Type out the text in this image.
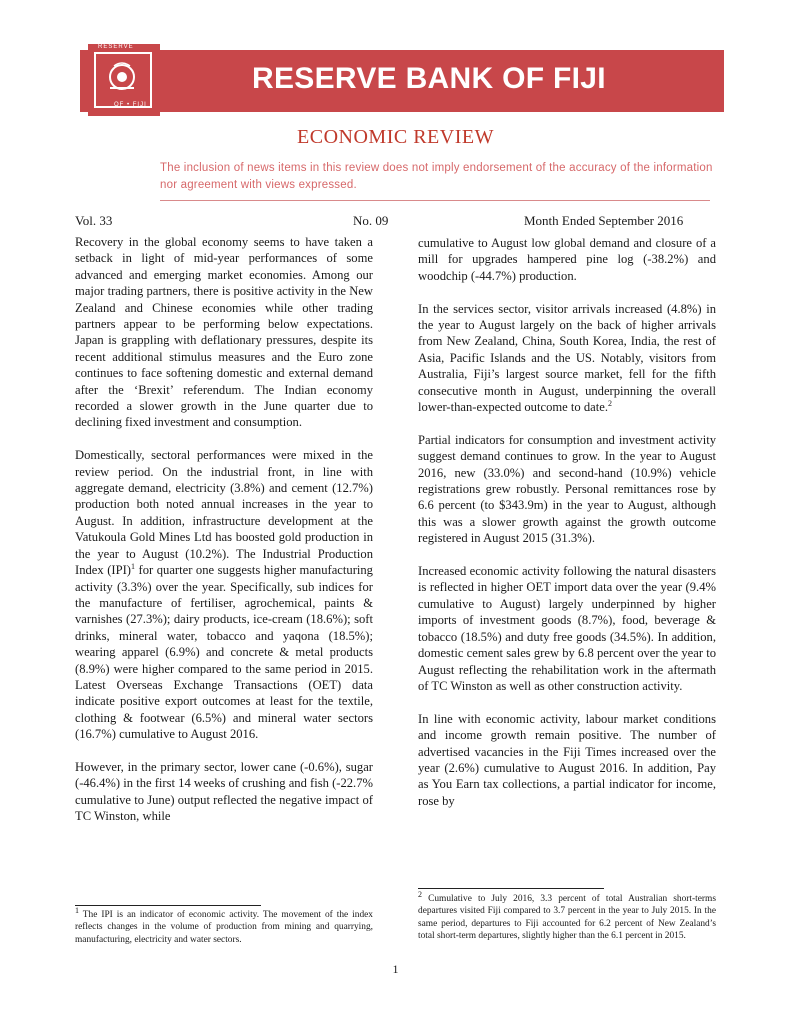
RESERVE
OF • FIJI
RESERVE BANK OF FIJI
ECONOMIC REVIEW
The inclusion of news items in this review does not imply endorsement of the accuracy of the information nor agreement with views expressed.
Vol. 33	No. 09	Month Ended September 2016

Recovery in the global economy seems to have taken a setback in light of mid-year performances of some advanced and emerging market economies. Among our major trading partners, there is positive activity in the New Zealand and Chinese economies while other trading partners appear to be performing below expectations. Japan is grappling with deflationary pressures, despite its recent additional stimulus measures and the Euro zone continues to face softening domestic and external demand after the ‘Brexit’ referendum. The Indian economy recorded a slower growth in the June quarter due to declining fixed investment and consumption.

Domestically, sectoral performances were mixed in the review period. On the industrial front, in line with aggregate demand, electricity (3.8%) and cement (12.7%) production both noted annual increases in the year to August. In addition, infrastructure development at the Vatukoula Gold Mines Ltd has boosted gold production in the year to August (10.2%). The Industrial Production Index (IPI)$^1$ for quarter one suggests higher manufacturing activity (3.3%) over the year. Specifically, sub indices for the manufacture of fertiliser, agrochemical, paints & varnishes (27.3%); dairy products, ice-cream (18.6%); soft drinks, mineral water, tobacco and yaqona (18.5%); wearing apparel (6.9%) and concrete & metal products (8.9%) were higher compared to the same period in 2015. Latest Overseas Exchange Transactions (OET) data indicate positive export outcomes at least for the textile, clothing & footwear (6.5%) and mineral water sectors (16.7%) cumulative to August 2016.

However, in the primary sector, lower cane (-0.6%), sugar (-46.4%) in the first 14 weeks of crushing and fish (-22.7% cumulative to June) output reflected the negative impact of TC Winston, while

$^1$ The IPI is an indicator of economic activity. The movement of the index reflects changes in the volume of production from mining and quarrying, manufacturing, electricity and water sectors.

cumulative to August low global demand and closure of a mill for upgrades hampered pine log (-38.2%) and woodchip (-44.7%) production.

In the services sector, visitor arrivals increased (4.8%) in the year to August largely on the back of higher arrivals from New Zealand, China, South Korea, India, the rest of Asia, Pacific Islands and the US. Notably, visitors from Australia, Fiji’s largest source market, fell for the fifth consecutive month in August, underpinning the overall lower-than-expected outcome to date.$^2$

Partial indicators for consumption and investment activity suggest demand continues to grow. In the year to August 2016, new (33.0%) and second-hand (10.9%) vehicle registrations grew robustly. Personal remittances rose by 6.6 percent (to $343.9m) in the year to August, although this was a slower growth against the growth outcome registered in August 2015 (31.3%).

Increased economic activity following the natural disasters is reflected in higher OET import data over the year (9.4% cumulative to August) largely underpinned by higher imports of investment goods (8.7%), food, beverage & tobacco (18.5%) and duty free goods (34.5%). In addition, domestic cement sales grew by 6.8 percent over the year to August reflecting the rehabilitation work in the aftermath of TC Winston as well as other construction activity.

In line with economic activity, labour market conditions and income growth remain positive. The number of advertised vacancies in the Fiji Times increased over the year (2.6%) cumulative to August 2016. In addition, Pay as You Earn tax collections, a partial indicator for income, rose by

$^2$ Cumulative to July 2016, 3.3 percent of total Australian short-terms departures visited Fiji compared to 3.7 percent in the year to July 2015. In the same period, departures to Fiji accounted for 6.2 percent of New Zealand’s total short-term departures, slightly higher than the 6.1 percent in 2015.
1
